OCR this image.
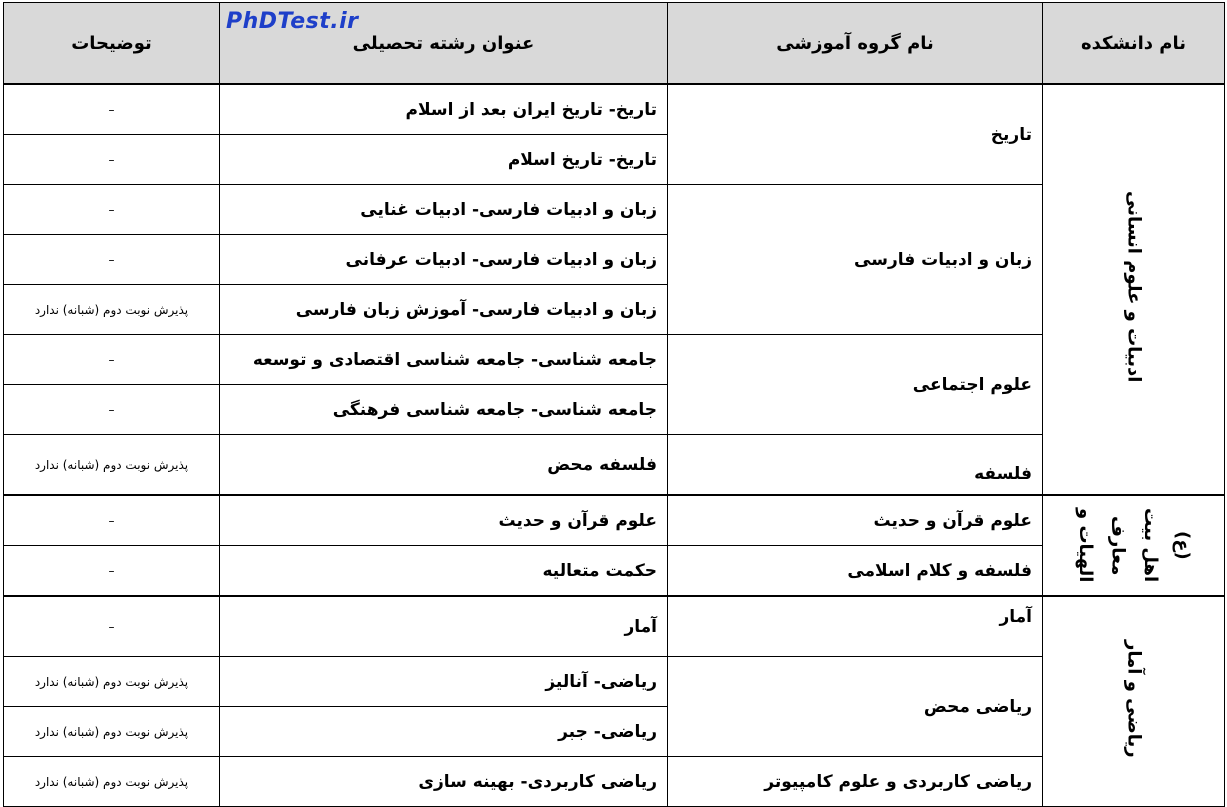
PhDTest.ir
نام دانشکده	نام گروه آموزشی	عنوان رشته تحصیلی	توضیحات
ادبیات و علوم انسانی	تاریخ	تاریخ- تاریخ ایران بعد از اسلام	–
		تاریخ- تاریخ اسلام	–
	زبان و ادبیات فارسی	زبان و ادبیات فارسی- ادبیات غنایی	–
		زبان و ادبیات فارسی- ادبیات عرفانی	–
		زبان و ادبیات فارسی- آموزش زبان فارسی	پذیرش نوبت دوم (شبانه) ندارد
	علوم اجتماعی	جامعه شناسی- جامعه شناسی اقتصادی و توسعه	–
		جامعه شناسی- جامعه شناسی فرهنگی	–
	فلسفه	فلسفه محض	پذیرش نوبت دوم (شبانه) ندارد

الهیات و معارف اهل بیت (ع)	علوم قرآن و حدیث	علوم قرآن و حدیث	–
	فلسفه و کلام اسلامی	حکمت متعالیه	–
ریاضی و آمار	آمار	آمار	–
	ریاضی محض	ریاضی- آنالیز	پذیرش نوبت دوم (شبانه) ندارد
		ریاضی- جبر	پذیرش نوبت دوم (شبانه) ندارد
	ریاضی کاربردی و علوم کامپیوتر	ریاضی کاربردی- بهینه سازی	پذیرش نوبت دوم (شبانه) ندارد
